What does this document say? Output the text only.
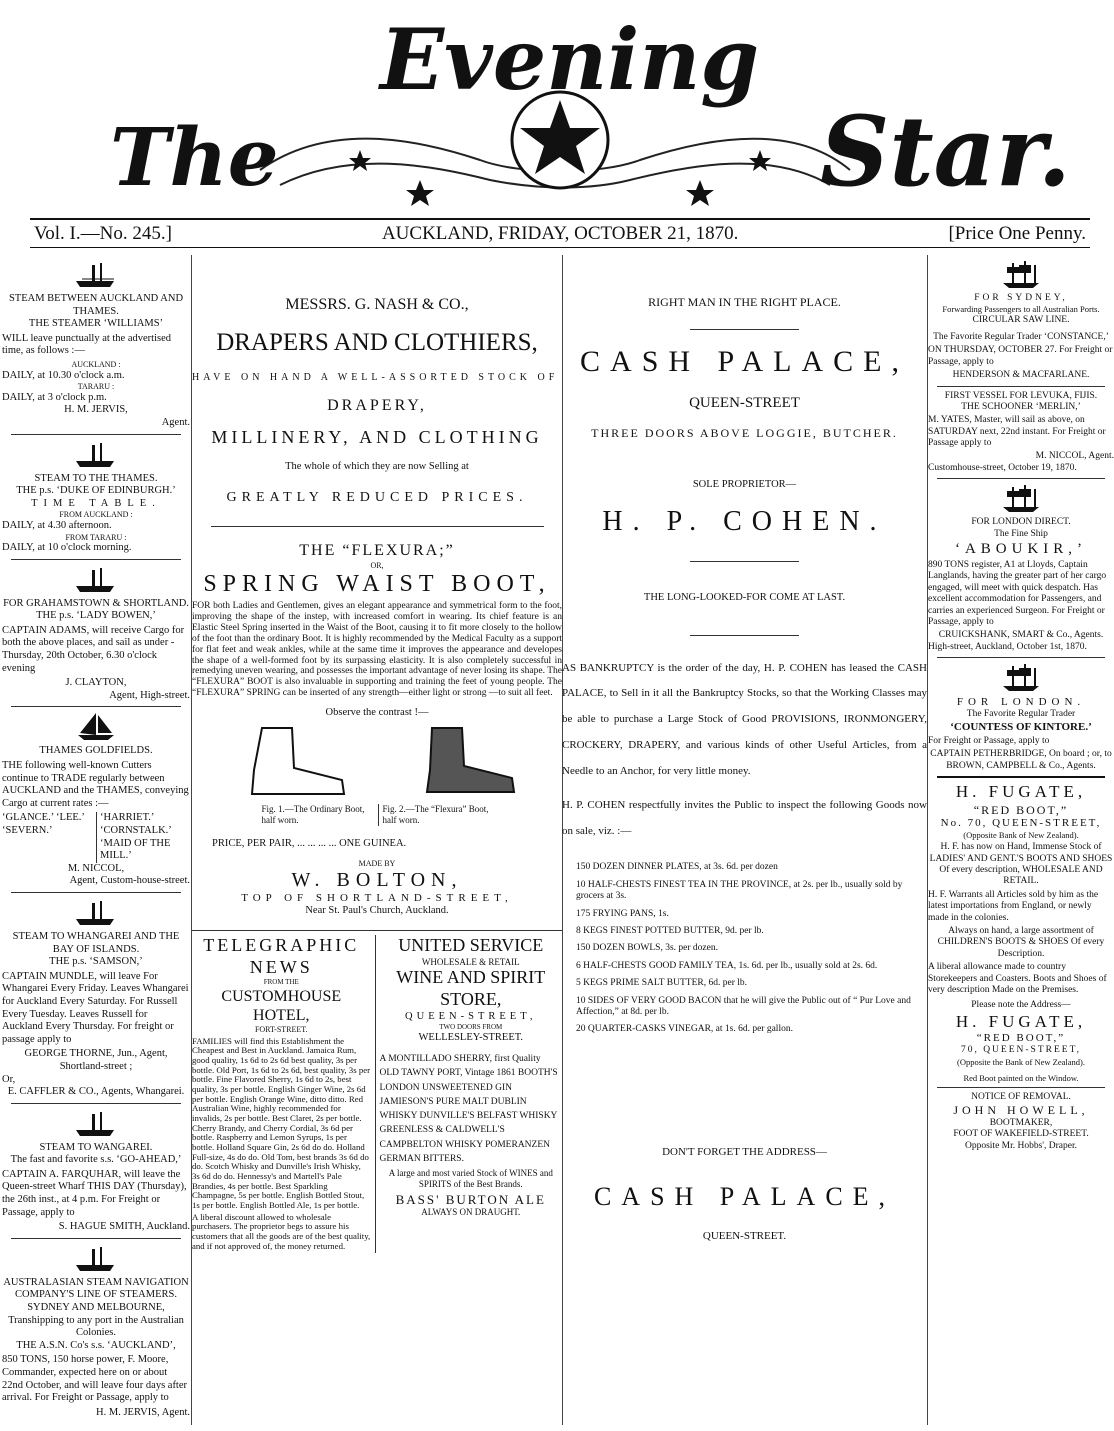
The
Evening
Star.
Vol. I.—No. 245.]	AUCKLAND, FRIDAY, OCTOBER 21, 1870.	[Price One Penny.
STEAM BETWEEN AUCKLAND AND THAMES.
THE STEAMER ‘WILLIAMS’

WILL leave punctually at the advertised time, as follows :—

AUCKLAND :
DAILY, at 10.30 o'clock a.m.
TARARU :
DAILY, at 3 o'clock p.m.
H. M. JERVIS,
Agent.
STEAM TO THE THAMES.
THE p.s. ‘DUKE OF EDINBURGH.’
TIME TABLE.
FROM AUCKLAND :
DAILY, at 4.30 afternoon.
FROM TARARU :
DAILY, at 10 o'clock morning.
FOR GRAHAMSTOWN & SHORTLAND.
THE p.s. ‘LADY BOWEN,’

CAPTAIN ADAMS, will receive Cargo for both the above places, and sail as under - Thursday, 20th October, 6.30 o'clock evening

J. CLAYTON,
Agent, High-street.
THAMES GOLDFIELDS.

THE following well-known Cutters continue to TRADE regularly between AUCKLAND and the THAMES, conveying Cargo at current rates :—

‘GLANCE.’ ‘LEE.’ ‘SEVERN.’
‘HARRIET.’ ‘CORNSTALK.’ ‘MAID OF THE MILL.’
M. NICCOL,
Agent, Custom-house-street.
STEAM TO WHANGAREI AND THE BAY OF ISLANDS.
THE p.s. ‘SAMSON,’

CAPTAIN MUNDLE, will leave For Whangarei Every Friday. Leaves Whangarei for Auckland Every Saturday. For Russell Every Tuesday. Leaves Russell for Auckland Every Thursday. For freight or passage apply to

GEORGE THORNE, Jun., Agent, Shortland-street ;
Or,
E. CAFFLER & CO., Agents, Whangarei.
STEAM TO WANGAREI.
The fast and favorite s.s. ‘GO-AHEAD,’

CAPTAIN A. FARQUHAR, will leave the Queen-street Wharf THIS DAY (Thursday), the 26th inst., at 4 p.m. For Freight or Passage, apply to

S. HAGUE SMITH, Auckland.
AUSTRALASIAN STEAM NAVIGATION COMPANY'S LINE OF STEAMERS.
SYDNEY AND MELBOURNE,
Transhipping to any port in the Australian Colonies.
THE A.S.N. Co's s.s. ‘AUCKLAND’,

850 TONS, 150 horse power, F. Moore, Commander, expected here on or about 22nd October, and will leave four days after arrival. For Freight or Passage, apply to

H. M. JERVIS, Agent.
MESSRS. G. NASH & CO.,
DRAPERS AND CLOTHIERS,
HAVE ON HAND A WELL-ASSORTED STOCK OF
DRAPERY,
MILLINERY, AND CLOTHING
The whole of which they are now Selling at
GREATLY REDUCED PRICES.
THE “FLEXURA;”
OR,
SPRING WAIST BOOT,

FOR both Ladies and Gentlemen, gives an elegant appearance and symmetrical form to the foot, improving the shape of the instep, with increased comfort in wearing. Its chief feature is an Elastic Steel Spring inserted in the Waist of the Boot, causing it to fit more closely to the hollow of the foot than the ordinary Boot. It is highly recommended by the Medical Faculty as a support for flat feet and weak ankles, while at the same time it improves the appearance and developes the shape of a well-formed foot by its surpassing elasticity. It is also completely successful in remedying uneven wearing, and possesses the important advantage of never losing its shape. The “FLEXURA” BOOT is also invaluable in supporting and training the feet of young people. The “FLEXURA” SPRING can be inserted of any strength—either light or strong —to suit all feet.

Observe the contrast !—
Fig. 1.—The Ordinary Boot, half worn.
Fig. 2.—The “Flexura” Boot, half worn.
PRICE, PER PAIR, ... ... ... ... ONE GUINEA.
MADE BY
W. BOLTON,
TOP OF SHORTLAND-STREET,
Near St. Paul's Church, Auckland.
TELEGRAPHIC NEWS
FROM THE
CUSTOMHOUSE HOTEL,
FORT-STREET.

FAMILIES will find this Establishment the Cheapest and Best in Auckland. Jamaica Rum, good quality, 1s 6d to 2s 6d best quality, 3s per bottle. Old Port, 1s 6d to 2s 6d, best quality, 3s per bottle. Fine Flavored Sherry, 1s 6d to 2s, best quality, 3s per bottle. English Ginger Wine, 2s 6d per bottle. English Orange Wine, ditto ditto. Red Australian Wine, highly recommended for invalids, 2s per bottle. Best Claret, 2s per bottle. Cherry Brandy, and Cherry Cordial, 3s 6d per bottle. Raspberry and Lemon Syrups, 1s per bottle. Holland Square Gin, 2s 6d do do. Holland Full-size, 4s do do. Old Tom, best brands 3s 6d do do. Scotch Whisky and Dunville's Irish Whisky, 3s 6d do do. Hennessy's and Martell's Pale Brandies, 4s per bottle. Best Sparkling Champagne, 5s per bottle. English Bottled Stout, 1s per bottle. English Bottled Ale, 1s per bottle.

A liberal discount allowed to wholesale purchasers. The proprietor begs to assure his customers that all the goods are of the best quality, and if not approved of, the money returned.

UNITED SERVICE
WHOLESALE & RETAIL
WINE AND SPIRIT STORE,
QUEEN-STREET,
TWO DOORS FROM
WELLESLEY-STREET.

A MONTILLADO SHERRY, first Quality OLD TAWNY PORT, Vintage 1861 BOOTH'S LONDON UNSWEETENED GIN JAMIESON'S PURE MALT DUBLIN WHISKY DUNVILLE'S BELFAST WHISKY GREENLESS & CALDWELL'S CAMPBELTON WHISKY POMERANZEN GERMAN BITTERS.

A large and most varied Stock of WINES and SPIRITS of the Best Brands.

BASS' BURTON ALE
ALWAYS ON DRAUGHT.
RIGHT MAN IN THE RIGHT PLACE.
CASH PALACE,
QUEEN-STREET
THREE DOORS ABOVE LOGGIE, BUTCHER.
SOLE PROPRIETOR—
H. P. COHEN.
THE LONG-LOOKED-FOR COME AT LAST.

AS BANKRUPTCY is the order of the day, H. P. COHEN has leased the CASH PALACE, to Sell in it all the Bankruptcy Stocks, so that the Working Classes may be able to purchase a Large Stock of Good PROVISIONS, IRONMONGERY, CROCKERY, DRAPERY, and various kinds of other Useful Articles, from a Needle to an Anchor, for very little money.

H. P. COHEN respectfully invites the Public to inspect the following Goods now on sale, viz. :—

150 DOZEN DINNER PLATES, at 3s. 6d. per dozen

10 HALF-CHESTS FINEST TEA IN THE PROVINCE, at 2s. per lb., usually sold by grocers at 3s.

175 FRYING PANS, 1s.

8 KEGS FINEST POTTED BUTTER, 9d. per lb.

150 DOZEN BOWLS, 3s. per dozen.

6 HALF-CHESTS GOOD FAMILY TEA, 1s. 6d. per lb., usually sold at 2s. 6d.

5 KEGS PRIME SALT BUTTER, 6d. per lb.

10 SIDES OF VERY GOOD BACON that he will give the Public out of “ Pur Love and Affection,” at 8d. per lb.

20 QUARTER-CASKS VINEGAR, at 1s. 6d. per gallon.

DON'T FORGET THE ADDRESS—
CASH PALACE,
QUEEN-STREET.
FOR SYDNEY,
Forwarding Passengers to all Australian Ports.
CIRCULAR SAW LINE.
The Favorite Regular Trader ‘CONSTANCE,’

ON THURSDAY, OCTOBER 27. For Freight or Passage, apply to

HENDERSON & MACFARLANE.
FIRST VESSEL FOR LEVUKA, FIJIS.
THE SCHOONER ‘MERLIN,’

M. YATES, Master, will sail as above, on SATURDAY next, 22nd instant. For Freight or Passage apply to

M. NICCOL, Agent.
Customhouse-street, October 19, 1870.
FOR LONDON DIRECT.
The Fine Ship
‘ABOUKIR,’

890 TONS register, A1 at Lloyds, Captain Langlands, having the greater part of her cargo engaged, will meet with quick despatch. Has excellent accommodation for Passengers, and carries an experienced Surgeon. For Freight or Passage, apply to

CRUICKSHANK, SMART & Co., Agents.
High-street, Auckland, October 1st, 1870.
FOR LONDON.
The Favorite Regular Trader
‘COUNTESS OF KINTORE.’

For Freight or Passage, apply to

CAPTAIN PETHERBRIDGE, On board ; or, to BROWN, CAMPBELL & Co., Agents.
H. FUGATE,
“RED BOOT,”
No. 70, QUEEN-STREET,
(Opposite Bank of New Zealand).

H. F. has now on Hand, Immense Stock of LADIES' AND GENT.'S BOOTS AND SHOES Of every description, WHOLESALE AND RETAIL.

H. F. Warrants all Articles sold by him as the latest importations from England, or newly made in the colonies.

Always on hand, a large assortment of CHILDREN'S BOOTS & SHOES Of every Description.

A liberal allowance made to country Storekeepers and Coasters. Boots and Shoes of very description Made on the Premises.

Please note the Address—
H. FUGATE,
“RED BOOT,”
70, QUEEN-STREET,
(Opposite the Bank of New Zealand).
Red Boot painted on the Window.
NOTICE OF REMOVAL.
JOHN HOWELL,
BOOTMAKER,
FOOT OF WAKEFIELD-STREET.
Opposite Mr. Hobbs', Draper.
